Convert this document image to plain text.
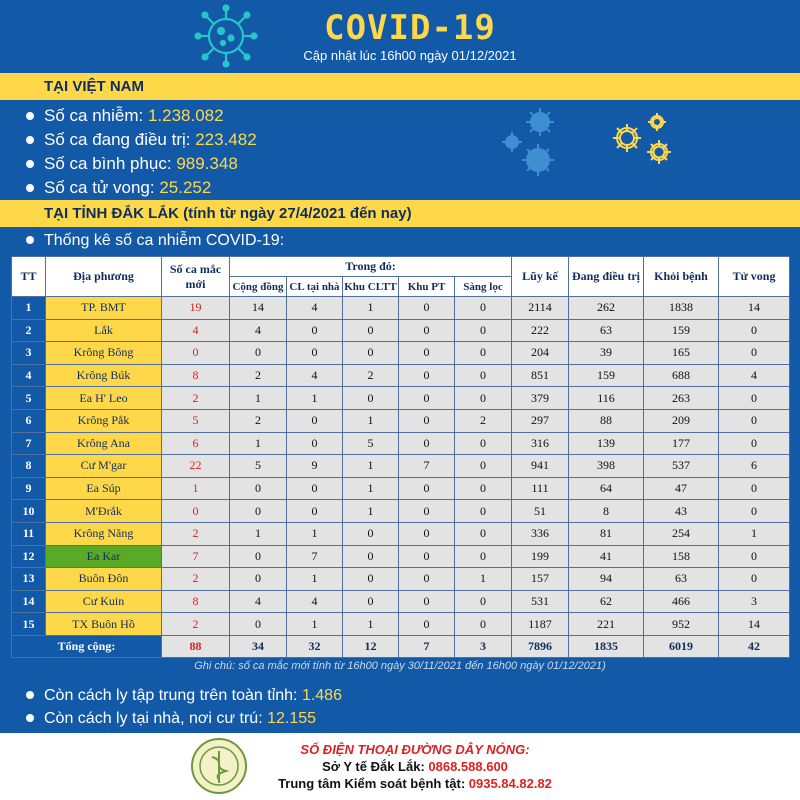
COVID-19
Cập nhật lúc 16h00 ngày 01/12/2021
TẠI VIỆT NAM
Số ca nhiễm: 1.238.082
Số ca đang điều trị: 223.482
Số ca bình phục: 989.348
Số ca tử vong: 25.252
TẠI TỈNH ĐẮK LẮK (tính từ ngày 27/4/2021 đến nay)
Thống kê số ca nhiễm COVID-19:
TT	Địa phương	Số ca mắc mới	Trong đó:					Lũy kế	Đang điều trị	Khỏi bệnh	Tử vong
			Cộng đồng	CL tại nhà	Khu CLTT	Khu PT	Sàng lọc				
1	TP. BMT	19	14	4	1	0	0	2114	262	1838	14
2	Lắk	4	4	0	0	0	0	222	63	159	0
3	Krông Bông	0	0	0	0	0	0	204	39	165	0
4	Krông Búk	8	2	4	2	0	0	851	159	688	4
5	Ea H' Leo	2	1	1	0	0	0	379	116	263	0
6	Krông Pắk	5	2	0	1	0	2	297	88	209	0
7	Krông Ana	6	1	0	5	0	0	316	139	177	0
8	Cư M'gar	22	5	9	1	7	0	941	398	537	6
9	Ea Súp	1	0	0	1	0	0	111	64	47	0
10	M'Đrắk	0	0	0	1	0	0	51	8	43	0
11	Krông Năng	2	1	1	0	0	0	336	81	254	1
12	Ea Kar	7	0	7	0	0	0	199	41	158	0
13	Buôn Đôn	2	0	1	0	0	1	157	94	63	0
14	Cư Kuin	8	4	4	0	0	0	531	62	466	3
15	TX Buôn Hồ	2	0	1	1	0	0	1187	221	952	14
Tổng cộng:		88	34	32	12	7	3	7896	1835	6019	42
Ghi chú: số ca mắc mới tính từ 16h00 ngày 30/11/2021 đến 16h00 ngày 01/12/2021)
Còn cách ly tập trung trên toàn tỉnh: 1.486
Còn cách ly tại nhà, nơi cư trú: 12.155
SỐ ĐIỆN THOẠI ĐƯỜNG DÂY NÓNG:
Sở Y tế Đắk Lắk: 0868.588.600
Trung tâm Kiểm soát bệnh tật: 0935.84.82.82
